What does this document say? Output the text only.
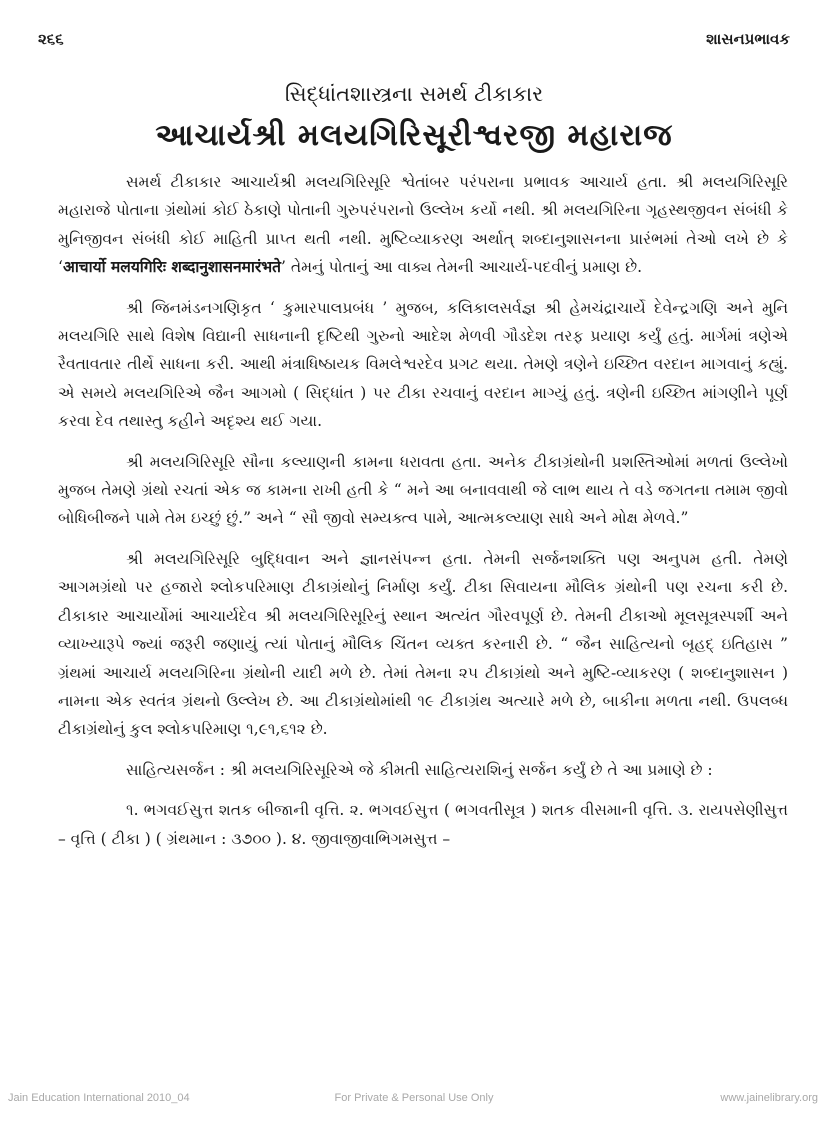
૨૬૬	શાસનપ્રભાવક
સિદ્ધાંતશાસ્ત્રના સમર્થ ટીકાકાર
આચાર્યશ્રી મલયગિરિસૂરીશ્વરજી મહારાજ

સમર્થ ટીકાકાર આચાર્યશ્રી મલયગિરિસૂરિ શ્વેતાંબર પરંપરાના પ્રભાવક આચાર્ય હતા. શ્રી મલયગિરિસૂરિ મહારાજે પોતાના ગ્રંથોમાં કોઈ ઠેકાણે પોતાની ગુરુપરંપરાનો ઉલ્લેખ કર્યો નથી. શ્રી મલયગિરિના ગૃહસ્થજીવન સંબંધી કે મુનિજીવન સંબંધી કોઈ માહિતી પ્રાપ્ત થતી નથી. મુષ્ટિવ્યાકરણ અર્થાત્ શબ્દાનુશાસનના પ્રારંભમાં તેઓ લખે છે કે ‘आचार्यो मलयगिरिः शब्दानुशासनमारंभते’ તેમનું પોતાનું આ વાક્ય તેમની આચાર્ય-પદવીનું પ્રમાણ છે.

શ્રી જિનમંડનગણિકૃત ‘ કુમારપાલપ્રબંધ ’ મુજબ, કલિકાલસર્વજ્ઞ શ્રી હેમચંદ્રાચાર્યે દેવેન્દ્રગણિ અને મુનિ મલયગિરિ સાથે વિશેષ વિદ્યાની સાધનાની દૃષ્ટિથી ગુરુનો આદેશ મેળવી ગૌડદેશ તરફ પ્રયાણ કર્યું હતું. માર્ગમાં ત્રણેએ રૈવતાવતાર તીર્થે સાધના કરી. આથી મંત્રાધિષ્ઠાયક વિમલેશ્વરદેવ પ્રગટ થયા. તેમણે ત્રણેને ઇચ્છિત વરદાન માગવાનું કહ્યું. એ સમયે મલયગિરિએ જૈન આગમો ( સિદ્ધાંત ) પર ટીકા રચવાનું વરદાન માગ્યું હતું. ત્રણેની ઇચ્છિત માંગણીને પૂર્ણ કરવા દેવ તથાસ્તુ કહીને અદૃશ્ય થઈ ગયા.

શ્રી મલયગિરિસૂરિ સૌના કલ્યાણની કામના ધરાવતા હતા. અનેક ટીકાગ્રંથોની પ્રશસ્તિઓમાં મળતાં ઉલ્લેખો મુજબ તેમણે ગ્રંથો રચતાં એક જ કામના રાખી હતી કે “ મને આ બનાવવાથી જે લાભ થાય તે વડે જગતના તમામ જીવો બોધિબીજને પામે તેમ ઇચ્છું છું.” અને “ સૌ જીવો સમ્યક્ત્વ પામે, આત્મકલ્યાણ સાધે અને મોક્ષ મેળવે.”

શ્રી મલયગિરિસૂરિ બુદ્ધિવાન અને જ્ઞાનસંપન્ન હતા. તેમની સર્જનશક્તિ પણ અનુપમ હતી. તેમણે આગમગ્રંથો પર હજારો શ્લોકપરિમાણ ટીકાગ્રંથોનું નિર્માણ કર્યું. ટીકા સિવાયના મૌલિક ગ્રંથોની પણ રચના કરી છે. ટીકાકાર આચાર્યોમાં આચાર્યદેવ શ્રી મલયગિરિસૂરિનું સ્થાન અત્યંત ગૌરવપૂર્ણ છે. તેમની ટીકાઓ મૂલસૂત્રસ્પર્શી અને વ્યાખ્યારૂપે જ્યાં જરૂરી જણાયું ત્યાં પોતાનું મૌલિક ચિંતન વ્યક્ત કરનારી છે. “ જૈન સાહિત્યનો બૃહદ્ ઇતિહાસ ” ગ્રંથમાં આચાર્ય મલયગિરિના ગ્રંથોની યાદી મળે છે. તેમાં તેમના ૨૫ ટીકાગ્રંથો અને મુષ્ટિ-વ્યાકરણ ( શબ્દાનુશાસન ) નામના એક સ્વતંત્ર ગ્રંથનો ઉલ્લેખ છે. આ ટીકાગ્રંથોમાંથી ૧૯ ટીકાગ્રંથ અત્યારે મળે છે, બાકીના મળતા નથી. ઉપલબ્ધ ટીકાગ્રંથોનું કુલ શ્લોકપરિમાણ ૧,૯૧,૬૧૨ છે.

સાહિત્યસર્જન : શ્રી મલયગિરિસૂરિએ જે કીમતી સાહિત્યરાશિનું સર્જન કર્યું છે તે આ પ્રમાણે છે :

૧. ભગવઈસુત્ત શતક બીજાની વૃત્તિ. ૨. ભગવઈસુત્ત ( ભગવતીસૂત્ર ) શતક વીસમાની વૃત્તિ. ૩. રાયપસેણીસુત્ત – વૃત્તિ ( ટીકા ) ( ગ્રંથમાન : ૩૭૦૦ ). ૪. જીવાજીવાભિગમસુત્ત –

Jain Education International 2010_04	For Private & Personal Use Only	www.jainelibrary.org
